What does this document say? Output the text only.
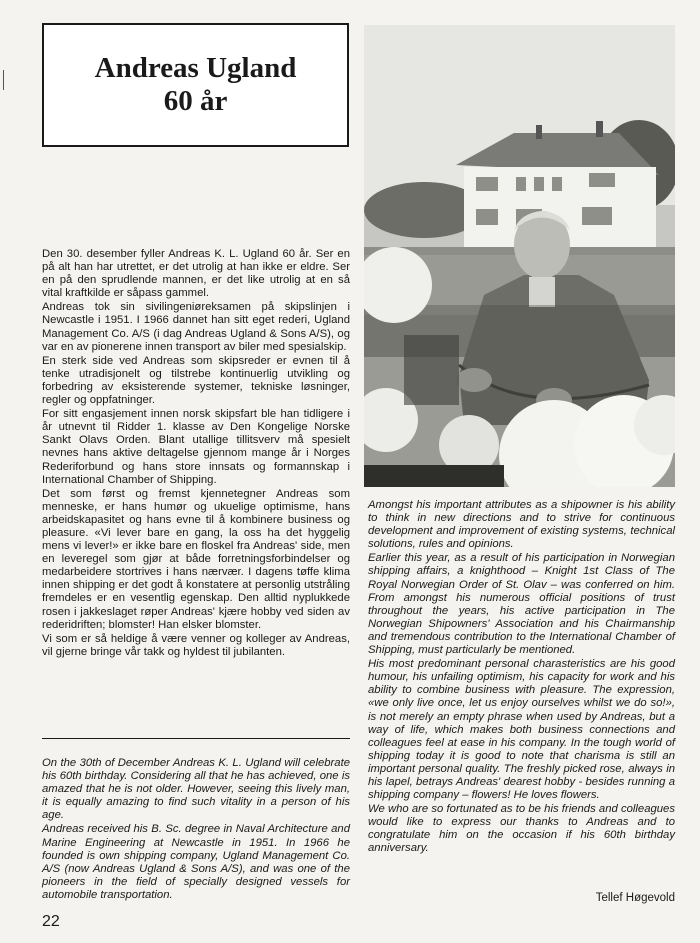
Andreas Ugland
60 år

Den 30. desember fyller Andreas K. L. Ugland 60 år. Ser en på alt han har utrettet, er det utrolig at han ikke er eldre. Ser en på den sprudlende mannen, er det like utrolig at en så vital kraftkilde er såpass gammel.

Andreas tok sin sivilingeniøreksamen på skipslinjen i Newcastle i 1951. I 1966 dannet han sitt eget rederi, Ugland Management Co. A/S (i dag Andreas Ugland & Sons A/S), og var en av pionerene innen transport av biler med spesialskip.

En sterk side ved Andreas som skipsreder er evnen til å tenke utradisjonelt og tilstrebe kontinuerlig utvikling og forbedring av eksisterende systemer, tekniske løsninger, regler og oppfatninger.

For sitt engasjement innen norsk skipsfart ble han tidligere i år utnevnt til Ridder 1. klasse av Den Kongelige Norske Sankt Olavs Orden. Blant utallige tillitsverv må spesielt nevnes hans aktive deltagelse gjennom mange år i Norges Rederiforbund og hans store innsats og formannskap i International Chamber of Shipping.

Det som først og fremst kjennetegner Andreas som menneske, er hans humør og ukuelige optimisme, hans arbeidskapasitet og hans evne til å kombinere business og pleasure. «Vi lever bare en gang, la oss ha det hyggelig mens vi lever!» er ikke bare en floskel fra Andreas' side, men en leveregel som gjør at både forretningsforbindelser og medarbeidere stortrives i hans nærvær. I dagens tøffe klima innen shipping er det godt å konstatere at personlig utstråling fremdeles er en vesentlig egenskap. Den alltid nyplukkede rosen i jakkeslaget røper Andreas' kjære hobby ved siden av rederidriften; blomster! Han elsker blomster.

Vi som er så heldige å være venner og kolleger av Andreas, vil gjerne bringe vår takk og hyldest til jubilanten.

On the 30th of December Andreas K. L. Ugland will celebrate his 60th birthday. Considering all that he has achieved, one is amazed that he is not older. However, seeing this lively man, it is equally amazing to find such vitality in a person of his age.

Andreas received his B. Sc. degree in Naval Architecture and Marine Engineering at Newcastle in 1951. In 1966 he founded is own shipping company, Ugland Management Co. A/S (now Andreas Ugland & Sons A/S), and was one of the pioneers in the field of specially designed vessels for automobile transportation.

Amongst his important attributes as a shipowner is his ability to think in new directions and to strive for continuous development and improvement of existing systems, technical solutions, rules and opinions.

Earlier this year, as a result of his participation in Norwegian shipping affairs, a knighthood – Knight 1st Class of The Royal Norwegian Order of St. Olav – was conferred on him. From amongst his numerous official positions of trust throughout the years, his active participation in The Norwegian Shipowners' Association and his Chairmanship and tremendous contribution to the International Chamber of Shipping, must particularly be mentioned.

His most predominant personal charasteristics are his good humour, his unfailing optimism, his capacity for work and his ability to combine business with pleasure. The expression, «we only live once, let us enjoy ourselves whilst we do so!», is not merely an empty phrase when used by Andreas, but a way of life, which makes both business connections and colleagues feel at ease in his company. In the tough world of shipping today it is good to note that charisma is still an important personal quality. The freshly picked rose, always in his lapel, betrays Andreas' dearest hobby - besides running a shipping company – flowers! He loves flowers.

We who are so fortunated as to be his friends and colleagues would like to express our thanks to Andreas and to congratulate him on the occasion if his 60th birthday anniversary.

Tellef Høgevold
22
